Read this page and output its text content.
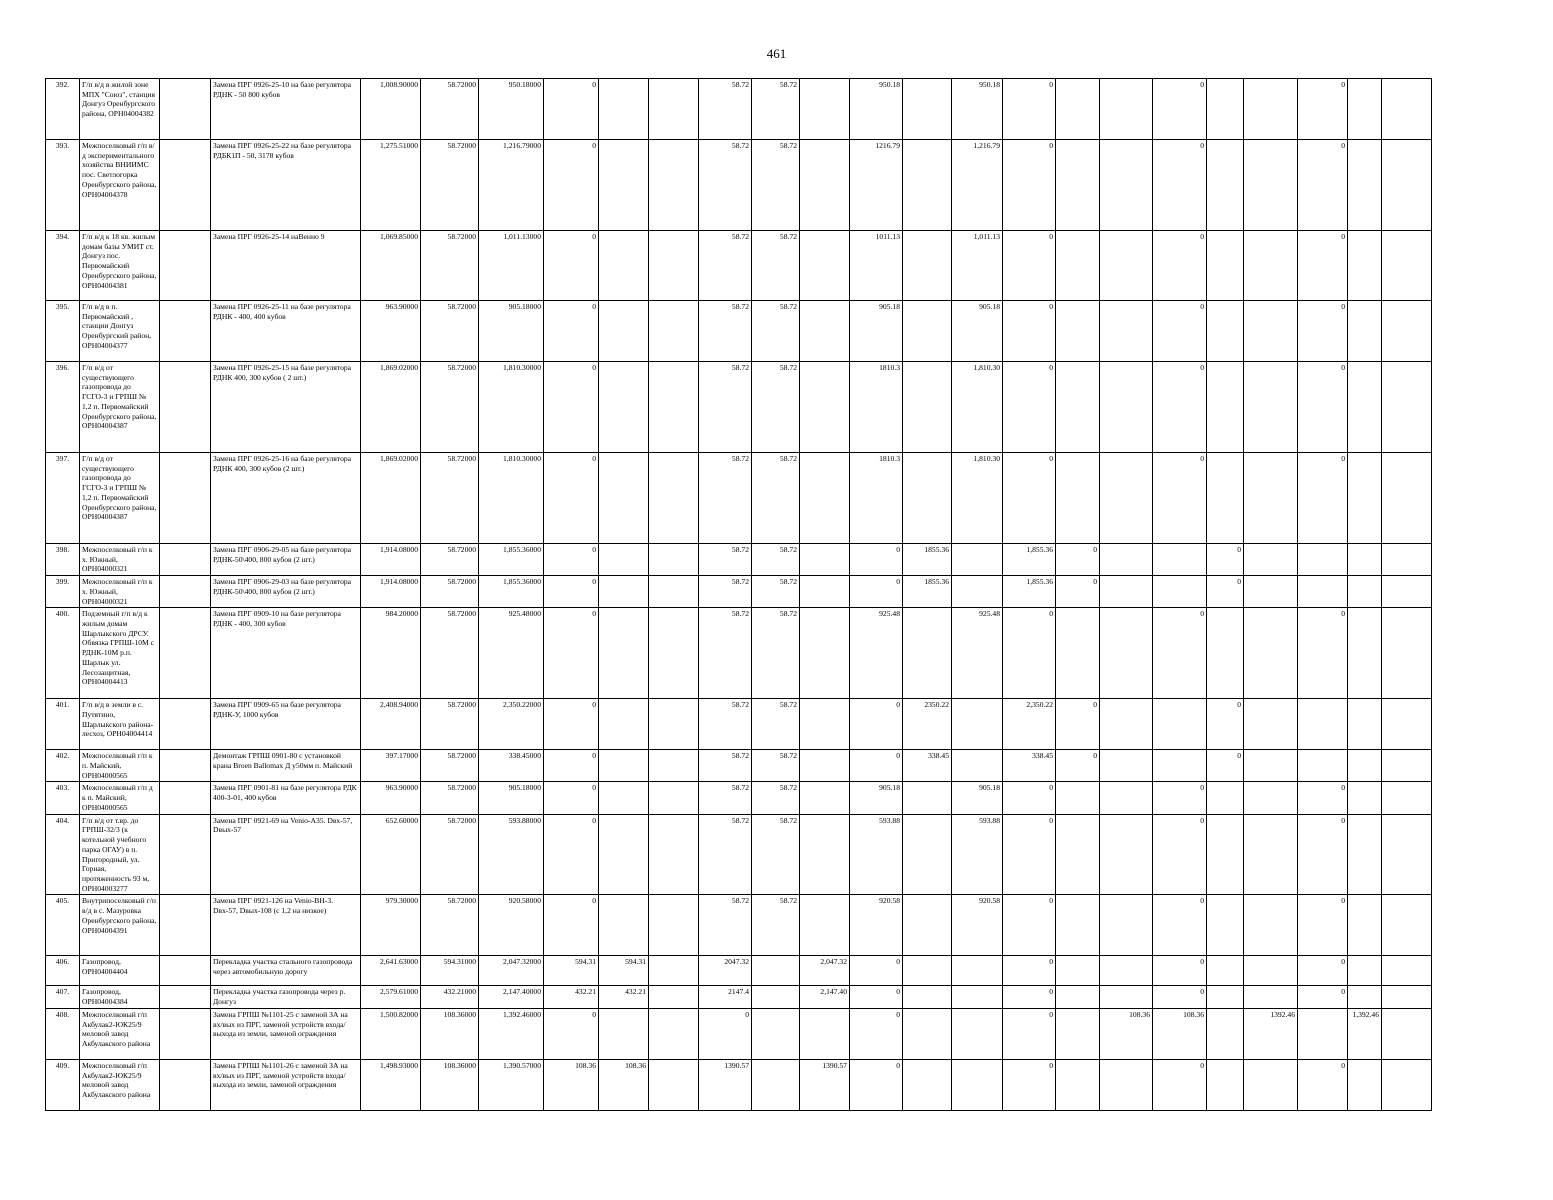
461
392.	Г/п в/д в жилой зоне МПХ "Союз", станция Донгуз Оренбургского района, ОРН04004382		Замена ПРГ 0926-25-10 на базе регулятора РДНК - 50 800 кубов	1,008.90000	58.72000	950.18000	0			58.72	58.72		950.18		950.18	0			0			0		
393.	Межпоселковый г/п в/д экспериментального хозяйства ВНИИМС пос. Светлогорка Оренбургского района, ОРН04004378		Замена ПРГ 0926-25-22 на базе регулятора РДБК1П - 50, 3178 кубов	1,275.51000	58.72000	1,216.79000	0			58.72	58.72		1216.79		1,216.79	0			0			0		
394.	Г/п в/д к 18 кв. жилым домам базы УМИТ ст. Донгуз пос. Первомайский Оренбургского района, ОРН04004381		Замена ПРГ 0926-25-14 наВенио 9	1,069.85000	58.72000	1,011.13000	0			58.72	58.72		1011.13		1,011.13	0			0			0		
395.	Г/п в/д в п. Первомайский , станции Донгуз Оренбургский район, ОРН04004377		Замена ПРГ 0926-25-11 на базе регулятора РДНК - 400, 400 кубов	963.90000	58.72000	905.18000	0			58.72	58.72		905.18		905.18	0			0			0		
396.	Г/п в/д от существующего газопровода до ГСГО-3 и ГРПШ № 1,2 п. Первомайский Оренбургского района, ОРН04004387		Замена ПРГ 0926-25-15 на базе регулятора РДНК 400, 300 кубов ( 2 шт.)	1,869.02000	58.72000	1,810.30000	0			58.72	58.72		1810.3		1,810.30	0			0			0		
397.	Г/п в/д от существующего газопровода до ГСГО-3 и ГРПШ № 1,2 п. Первомайский Оренбургского района, ОРН04004387		Замена ПРГ 0926-25-16 на базе регулятора РДНК 400, 300 кубов (2 шт.)	1,869.02000	58.72000	1,810.30000	0			58.72	58.72		1810.3		1,810.30	0			0			0		
398.	Межпоселковый г/п к х. Южный, ОРН04000321		Замена ПРГ 0906-29-05 на базе регулятора РДНК-50\400, 800 кубов (2 шт.)	1,914.08000	58.72000	1,855.36000	0			58.72	58.72		0	1855.36		1,855.36	0			0				
399.	Межпоселковый г/п к х. Южный, ОРН04000321		Замена ПРГ 0906-29-03 на базе регулятора РДНК-50\400, 800 кубов (2 шт.)	1,914.08000	58.72000	1,855.36000	0			58.72	58.72		0	1855.36		1,855.36	0			0				
400.	Подземный г/п в/д к жилым домам Шарлыкского ДРСУ. Обвязка ГРПШ-10М с РДНК-10М р.п. Шарлык ул. Лесозащитная, ОРН04004413		Замена ПРГ 0909-10 на базе регулятора РДНК - 400, 300 кубов	984.20000	58.72000	925.48000	0			58.72	58.72		925.48		925.48	0			0			0		
401.	Г/п в/д в земли в с. Путятино, Шарлыкского района-лесхоз, ОРН04004414		Замена ПРГ 0909-65 на базе регулятора РДНК-У, 1000 кубов	2,408.94000	58.72000	2,350.22000	0			58.72	58.72		0	2350.22		2,350.22	0			0				
402.	Межпоселковый г/п к п. Майский, ОРН04000565		Демонтаж ГРПШ 0901-80 с установкой крана Broen Ballomax Д у50мм п. Майский	397.17000	58.72000	338.45000	0			58.72	58.72		0	338.45		338.45	0			0				
403.	Межпоселковый г/п д к п. Майский, ОРН04000565		Замена ПРГ 0901-81 на базе регулятора РДК 400-3-01, 400 кубов	963.90000	58.72000	905.18000	0			58.72	58.72		905.18		905.18	0			0			0		
404.	Г/п в/д от т.вр. до ГРПШ-32/3 (к котельной учебного парка ОГАУ) в п. Пригородный, ул. Горная, протяженность 93 м, ОРН04003277		Замена ПРГ 0921-69 на Venio-A35. Dвх-57, Dвых-57	652.60000	58.72000	593.88000	0			58.72	58.72		593.88		593.88	0			0			0		
405.	Внутрипоселковый г/п в/д в с. Мазуровка Оренбургского района, ОРН04004391		Замена ПРГ 0921-126 на Venio-BH-3. Dвх-57, Dвых-108 (с 1,2 на низкое)	979.30000	58.72000	920.58000	0			58.72	58.72		920.58		920.58	0			0			0		
406.	Газопровод, ОРН04004404		Перекладка участка стального газопровода через автомобильную дорогу	2,641.63000	594.31000	2,047.32000	594.31	594.31		2047.32		2,047.32	0			0			0			0		
407.	Газопровод, ОРН04004384		Перекладка участка газопровода через р. Донгуз	2,579.61000	432.21000	2,147.40000	432.21	432.21		2147.4		2,147.40	0			0			0			0		
408.	Межпоселковый г/п Акбулак2-ЮК25/9 меловой завод Акбулакского района		Замена ГРПШ №1101-25 с заменой ЗА на вх/вых из ПРГ, заменой устройств входа/выхода из земли, заменой ограждения	1,500.82000	108.36000	1,392.46000	0			0			0			0		108.36	108.36		1392.46		1,392.46	
409.	Межпоселковый г/п Акбулак2-ЮК25/9 меловой завод Акбулакского района		Замена ГРПШ №1101-26 с заменой ЗА на вх/вых из ПРГ, заменой устройств входа/выхода из земли, заменой ограждения	1,498.93000	108.36000	1,390.57000	108.36	108.36		1390.57		1390.57	0			0			0			0		
